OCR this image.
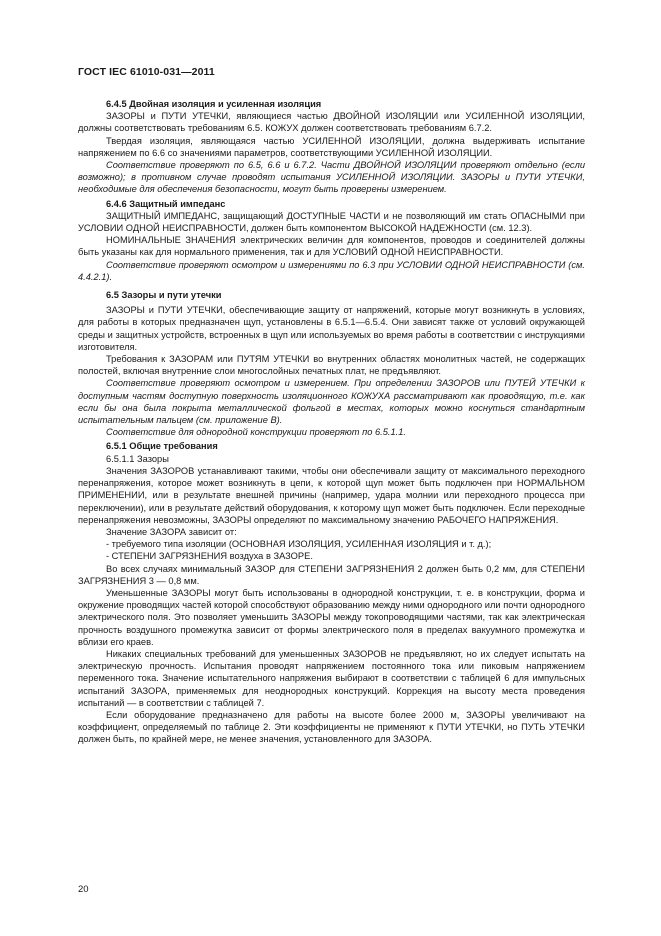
ГОСТ IEC 61010-031—2011

6.4.5 Двойная изоляция и усиленная изоляция

ЗАЗОРЫ и ПУТИ УТЕЧКИ, являющиеся частью ДВОЙНОЙ ИЗОЛЯЦИИ или УСИЛЕННОЙ ИЗОЛЯЦИИ, должны соответствовать требованиям 6.5. КОЖУХ должен соответствовать требованиям 6.7.2.

Твердая изоляция, являющаяся частью УСИЛЕННОЙ ИЗОЛЯЦИИ, должна выдерживать испытание напряжением по 6.6 со значениями параметров, соответствующими УСИЛЕННОЙ ИЗОЛЯЦИИ.

Соответствие проверяют по 6.5, 6.6 и 6.7.2. Части ДВОЙНОЙ ИЗОЛЯЦИИ проверяют отдельно (если возможно); в противном случае проводят испытания УСИЛЕННОЙ ИЗОЛЯЦИИ. ЗАЗОРЫ и ПУТИ УТЕЧКИ, необходимые для обеспечения безопасности, могут быть проверены измерением.

6.4.6 Защитный импеданс

ЗАЩИТНЫЙ ИМПЕДАНС, защищающий ДОСТУПНЫЕ ЧАСТИ и не позволяющий им стать ОПАСНЫМИ при УСЛОВИИ ОДНОЙ НЕИСПРАВНОСТИ, должен быть компонентом ВЫСОКОЙ НАДЕЖНОСТИ (см. 12.3).

НОМИНАЛЬНЫЕ ЗНАЧЕНИЯ электрических величин для компонентов, проводов и соединителей должны быть указаны как для нормального применения, так и для УСЛОВИЙ ОДНОЙ НЕИСПРАВНОСТИ.

Соответствие проверяют осмотром и измерениями по 6.3 при УСЛОВИИ ОДНОЙ НЕИСПРАВНОСТИ (см. 4.4.2.1).

6.5 Зазоры и пути утечки

ЗАЗОРЫ и ПУТИ УТЕЧКИ, обеспечивающие защиту от напряжений, которые могут возникнуть в условиях, для работы в которых предназначен щуп, установлены в 6.5.1—6.5.4. Они зависят также от условий окружающей среды и защитных устройств, встроенных в щуп или используемых во время работы в соответствии с инструкциями изготовителя.

Требования к ЗАЗОРАМ или ПУТЯМ УТЕЧКИ во внутренних областях монолитных частей, не содержащих полостей, включая внутренние слои многослойных печатных плат, не предъявляют.

Соответствие проверяют осмотром и измерением. При определении ЗАЗОРОВ или ПУТЕЙ УТЕЧКИ к доступным частям доступную поверхность изоляционного КОЖУХА рассматривают как проводящую, т.е. как если бы она была покрыта металлической фольгой в местах, которых можно коснуться стандартным испытательным пальцем (см. приложение В).

Соответствие для однородной конструкции проверяют по 6.5.1.1.

6.5.1 Общие требования

6.5.1.1 Зазоры

Значения ЗАЗОРОВ устанавливают такими, чтобы они обеспечивали защиту от максимального переходного перенапряжения, которое может возникнуть в цепи, к которой щуп может быть подключен при НОРМАЛЬНОМ ПРИМЕНЕНИИ, или в результате внешней причины (например, удара молнии или переходного процесса при переключении), или в результате действий оборудования, к которому щуп может быть подключен. Если переходные перенапряжения невозможны, ЗАЗОРЫ определяют по максимальному значению РАБОЧЕГО НАПРЯЖЕНИЯ.

Значение ЗАЗОРА зависит от:

- требуемого типа изоляции (ОСНОВНАЯ ИЗОЛЯЦИЯ, УСИЛЕННАЯ ИЗОЛЯЦИЯ и т. д.);

- СТЕПЕНИ ЗАГРЯЗНЕНИЯ воздуха в ЗАЗОРЕ.

Во всех случаях минимальный ЗАЗОР для СТЕПЕНИ ЗАГРЯЗНЕНИЯ 2 должен быть 0,2 мм, для СТЕПЕНИ ЗАГРЯЗНЕНИЯ 3 — 0,8 мм.

Уменьшенные ЗАЗОРЫ могут быть использованы в однородной конструкции, т. е. в конструкции, форма и окружение проводящих частей которой способствуют образованию между ними однородного или почти однородного электрического поля. Это позволяет уменьшить ЗАЗОРЫ между токопроводящими частями, так как электрическая прочность воздушного промежутка зависит от формы электрического поля в пределах вакуумного промежутка и вблизи его краев.

Никаких специальных требований для уменьшенных ЗАЗОРОВ не предъявляют, но их следует испытать на электрическую прочность. Испытания проводят напряжением постоянного тока или пиковым напряжением переменного тока. Значение испытательного напряжения выбирают в соответствии с таблицей 6 для импульсных испытаний ЗАЗОРА, применяемых для неоднородных конструкций. Коррекция на высоту места проведения испытаний — в соответствии с таблицей 7.

Если оборудование предназначено для работы на высоте более 2000 м, ЗАЗОРЫ увеличивают на коэффициент, определяемый по таблице 2. Эти коэффициенты не применяют к ПУТИ УТЕЧКИ, но ПУТЬ УТЕЧКИ должен быть, по крайней мере, не менее значения, установленного для ЗАЗОРА.

20
